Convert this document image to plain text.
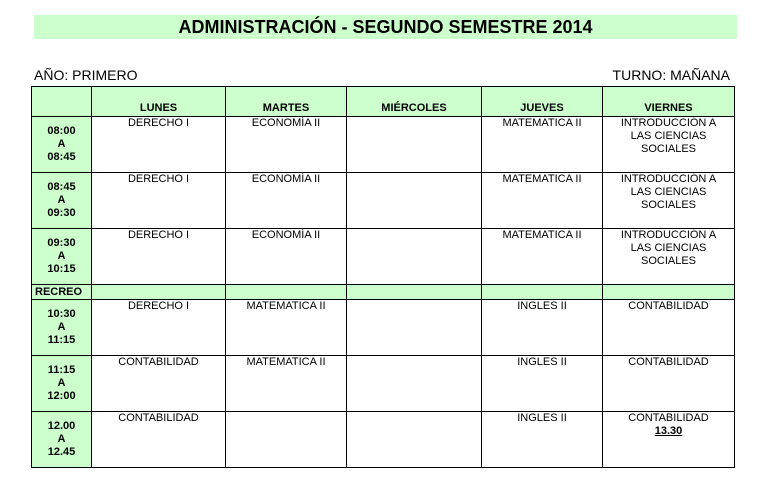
ADMINISTRACIÓN - SEGUNDO SEMESTRE 2014
AÑO: PRIMERO	TURNO: MAÑANA
	LUNES	MARTES	MIÉRCOLES	JUEVES	VIERNES

08:00
A
08:45	DERECHO I	ECONOMÍA II		MATEMATICA II	INTRODUCCIÓN A
LAS CIENCIAS
SOCIALES

08:45
A
09:30	DERECHO I	ECONOMÍA II		MATEMATICA II	INTRODUCCIÓN A
LAS CIENCIAS
SOCIALES

09:30
A
10:15	DERECHO I	ECONOMÍA II		MATEMATICA II	INTRODUCCIÓN A
LAS CIENCIAS
SOCIALES

RECREO					

10:30
A
11:15	DERECHO I	MATEMATICA II		INGLES II	CONTABILIDAD

11:15
A
12:00	CONTABILIDAD	MATEMATICA II		INGLES II	CONTABILIDAD

12.00
A
12.45	CONTABILIDAD			INGLES II	CONTABILIDAD
13.30
